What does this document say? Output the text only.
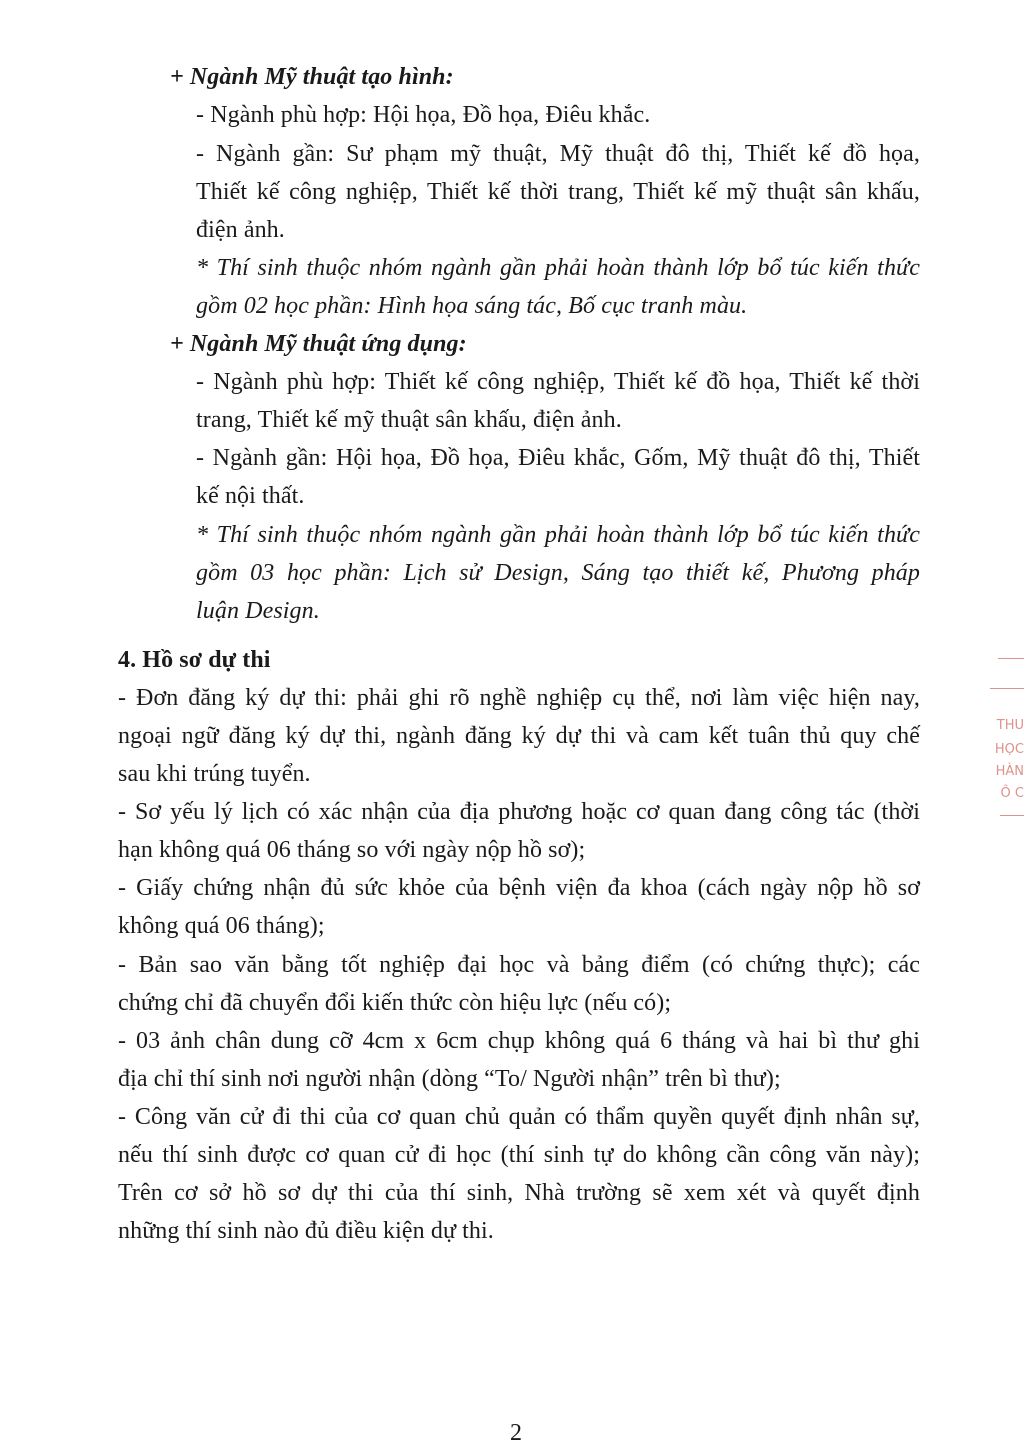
+ Ngành Mỹ thuật tạo hình:
- Ngành phù hợp: Hội họa, Đồ họa, Điêu khắc.
- Ngành gần: Sư phạm mỹ thuật, Mỹ thuật đô thị, Thiết kế đồ họa,
Thiết kế công nghiệp, Thiết kế thời trang, Thiết kế mỹ thuật sân khấu,
điện ảnh.
* Thí sinh thuộc nhóm ngành gần phải hoàn thành lớp bổ túc kiến thức
gồm 02 học phần: Hình họa sáng tác, Bố cục tranh màu.
+ Ngành Mỹ thuật ứng dụng:
- Ngành phù hợp: Thiết kế công nghiệp, Thiết kế đồ họa, Thiết kế thời
trang, Thiết kế mỹ thuật sân khấu, điện ảnh.
- Ngành gần: Hội họa, Đồ họa, Điêu khắc, Gốm, Mỹ thuật đô thị, Thiết
kế nội thất.
* Thí sinh thuộc nhóm ngành gần phải hoàn thành lớp bổ túc kiến thức
gồm 03 học phần: Lịch sử Design, Sáng tạo thiết kế, Phương pháp
luận Design.
4. Hồ sơ dự thi
- Đơn đăng ký dự thi: phải ghi rõ nghề nghiệp cụ thể, nơi làm việc hiện nay,
ngoại ngữ đăng ký dự thi, ngành đăng ký dự thi và cam kết tuân thủ quy chế
sau khi trúng tuyển.
- Sơ yếu lý lịch có xác nhận của địa phương hoặc cơ quan đang công tác (thời
hạn không quá 06 tháng so với ngày nộp hồ sơ);
- Giấy chứng nhận đủ sức khỏe của bệnh viện đa khoa (cách ngày nộp hồ sơ
không quá 06 tháng);
- Bản sao văn bằng tốt nghiệp đại học và bảng điểm (có chứng thực); các
chứng chỉ đã chuyển đổi kiến thức còn hiệu lực (nếu có);
- 03 ảnh chân dung cỡ 4cm x 6cm chụp không quá 6 tháng và hai bì thư ghi
địa chỉ thí sinh nơi người nhận (dòng “To/ Người nhận” trên bì thư);
- Công văn cử đi thi của cơ quan chủ quản có thẩm quyền quyết định nhân sự,
nếu thí sinh được cơ quan cử đi học (thí sinh tự do không cần công văn này);
Trên cơ sở hồ sơ dự thi của thí sinh, Nhà trường sẽ xem xét và quyết định
những thí sinh nào đủ điều kiện dự thi.
2
THU
HỌC
HÀN
Ô C
